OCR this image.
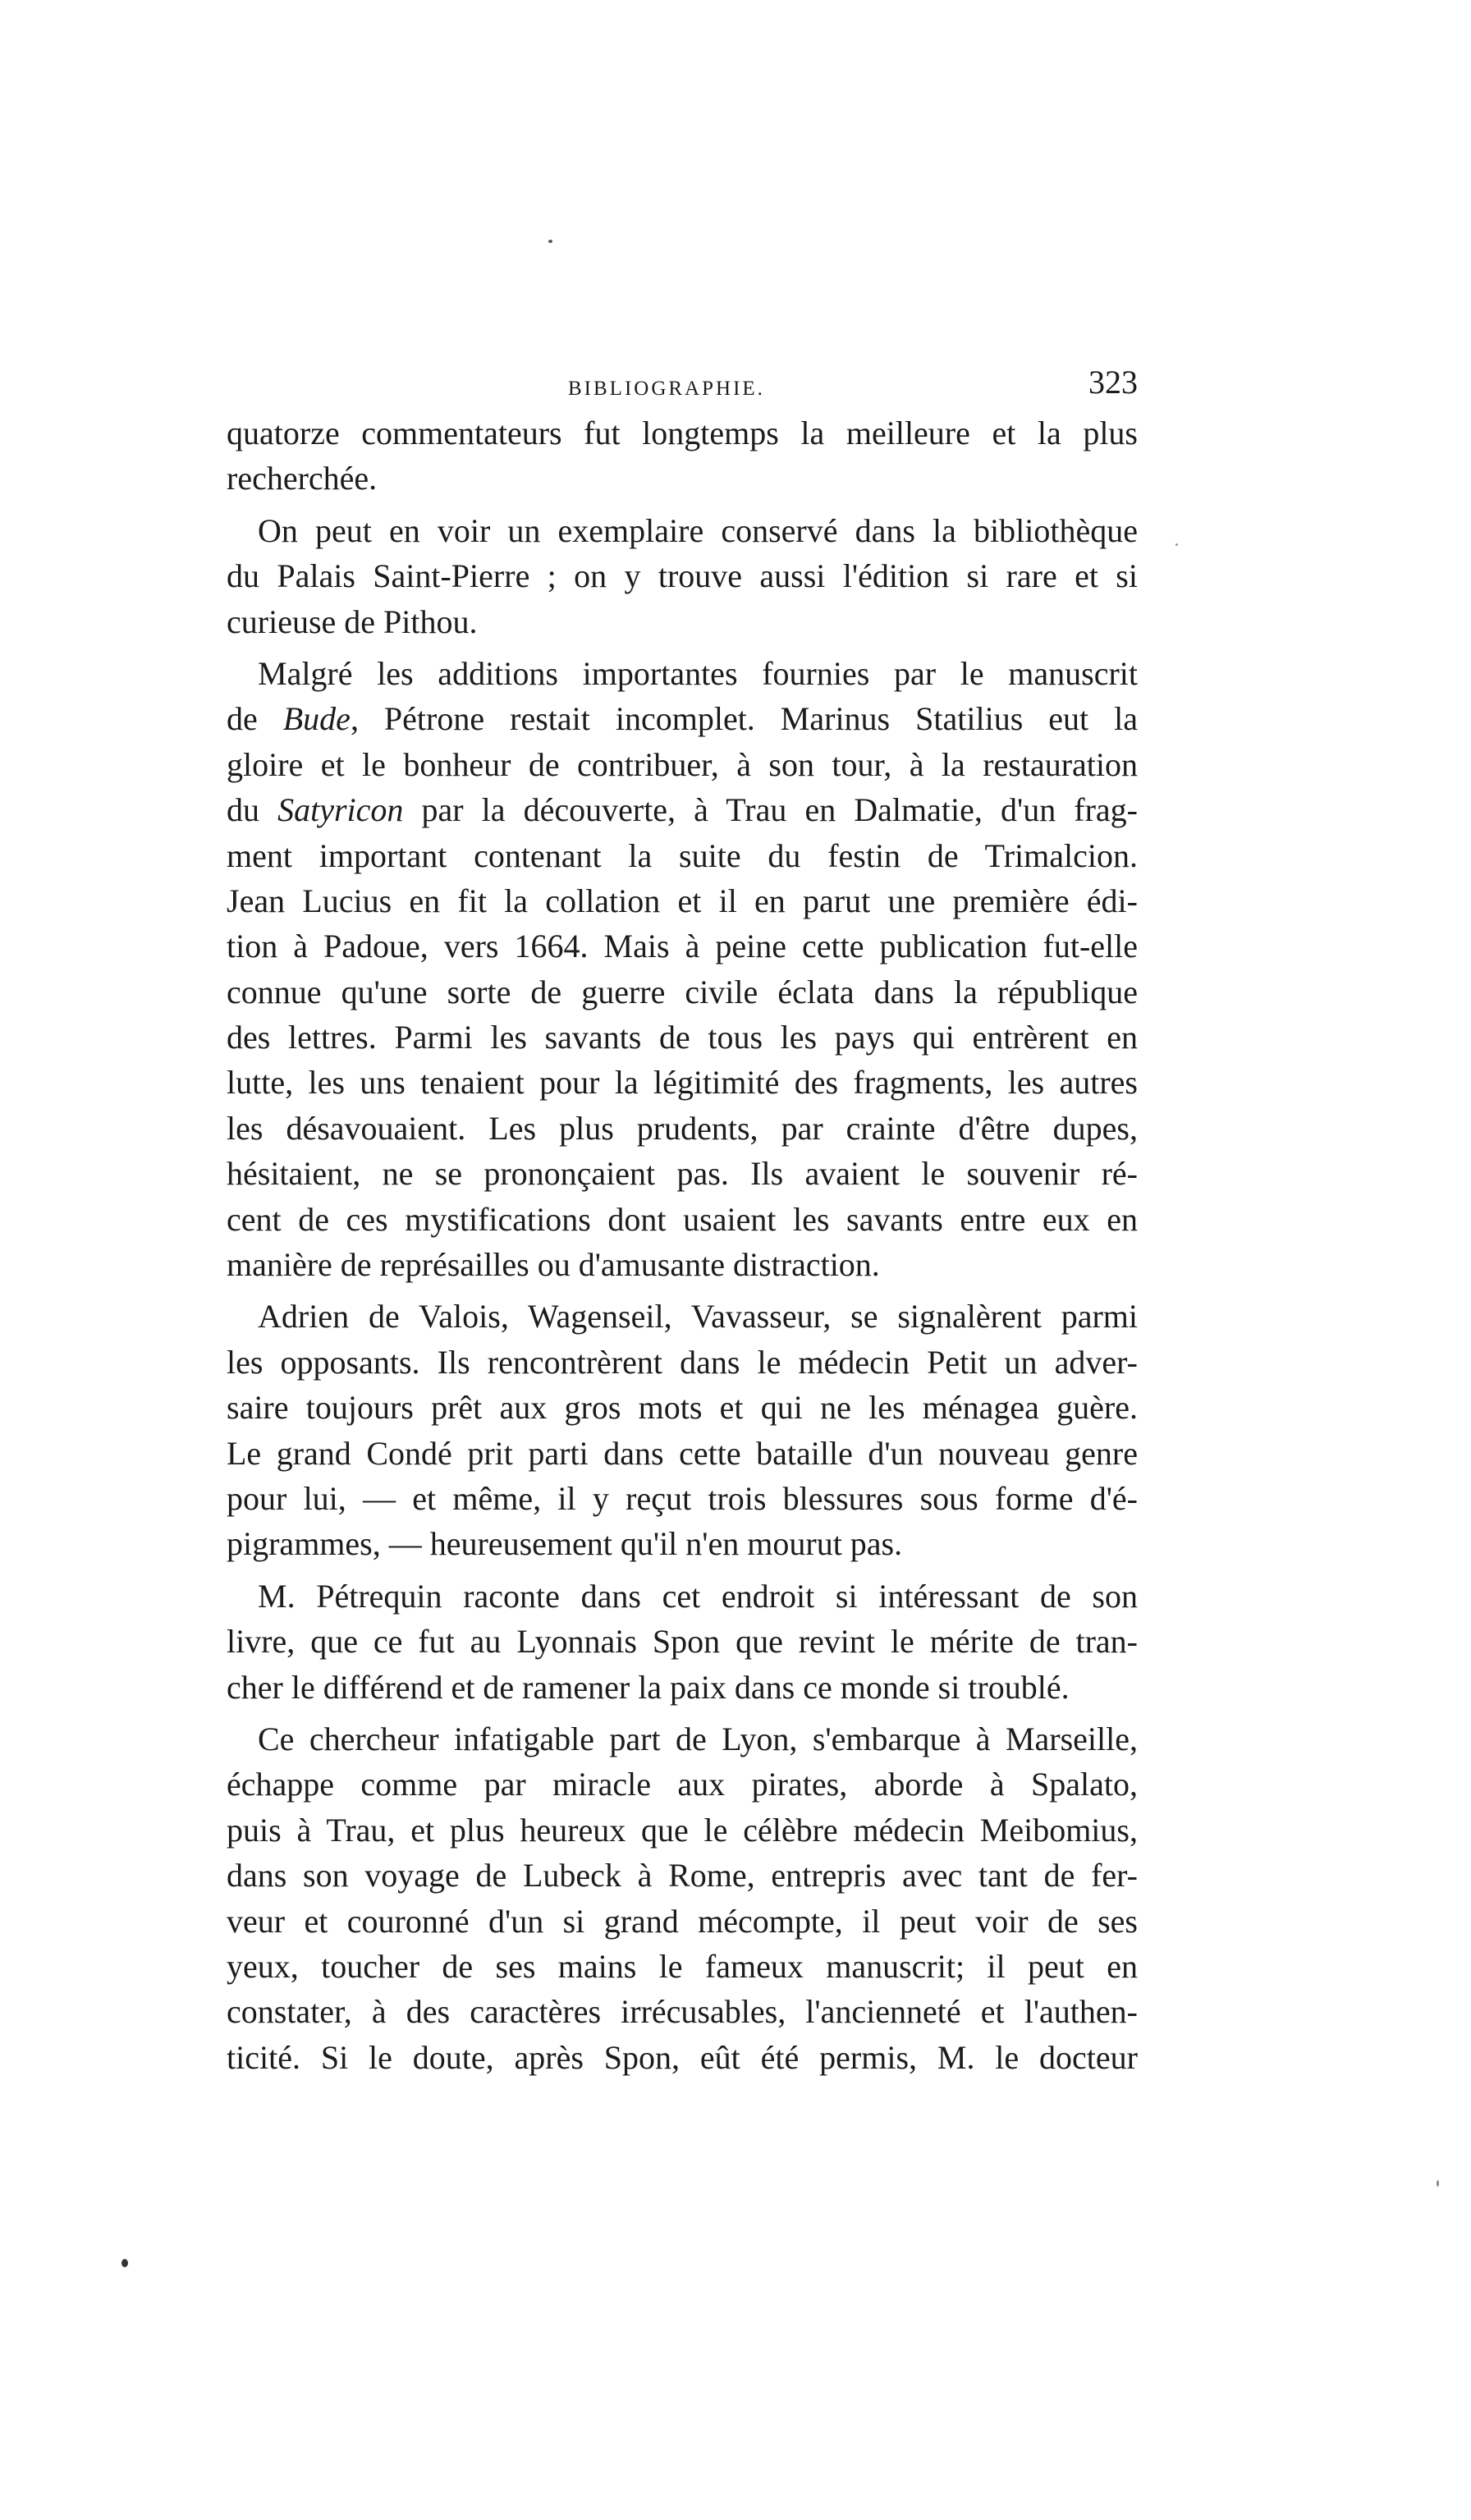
BIBLIOGRAPHIE.	323
quatorze commentateurs fut longtemps la meilleure et la plus
recherchée.
On peut en voir un exemplaire conservé dans la bibliothèque
du Palais Saint-Pierre ; on y trouve aussi l'édition si rare et si
curieuse de Pithou.
Malgré les additions importantes fournies par le manuscrit
de Bude, Pétrone restait incomplet. Marinus Statilius eut la
gloire et le bonheur de contribuer, à son tour, à la restauration
du Satyricon par la découverte, à Trau en Dalmatie, d'un frag-
ment important contenant la suite du festin de Trimalcion.
Jean Lucius en fit la collation et il en parut une première édi-
tion à Padoue, vers 1664. Mais à peine cette publication fut-elle
connue qu'une sorte de guerre civile éclata dans la république
des lettres. Parmi les savants de tous les pays qui entrèrent en
lutte, les uns tenaient pour la légitimité des fragments, les autres
les désavouaient. Les plus prudents, par crainte d'être dupes,
hésitaient, ne se prononçaient pas. Ils avaient le souvenir ré-
cent de ces mystifications dont usaient les savants entre eux en
manière de représailles ou d'amusante distraction.
Adrien de Valois, Wagenseil, Vavasseur, se signalèrent parmi
les opposants. Ils rencontrèrent dans le médecin Petit un adver-
saire toujours prêt aux gros mots et qui ne les ménagea guère.
Le grand Condé prit parti dans cette bataille d'un nouveau genre
pour lui, — et même, il y reçut trois blessures sous forme d'é-
pigrammes, — heureusement qu'il n'en mourut pas.
M. Pétrequin raconte dans cet endroit si intéressant de son
livre, que ce fut au Lyonnais Spon que revint le mérite de tran-
cher le différend et de ramener la paix dans ce monde si troublé.
Ce chercheur infatigable part de Lyon, s'embarque à Marseille,
échappe comme par miracle aux pirates, aborde à Spalato,
puis à Trau, et plus heureux que le célèbre médecin Meibomius,
dans son voyage de Lubeck à Rome, entrepris avec tant de fer-
veur et couronné d'un si grand mécompte, il peut voir de ses
yeux, toucher de ses mains le fameux manuscrit; il peut en
constater, à des caractères irrécusables, l'ancienneté et l'authen-
ticité. Si le doute, après Spon, eût été permis, M. le docteur
